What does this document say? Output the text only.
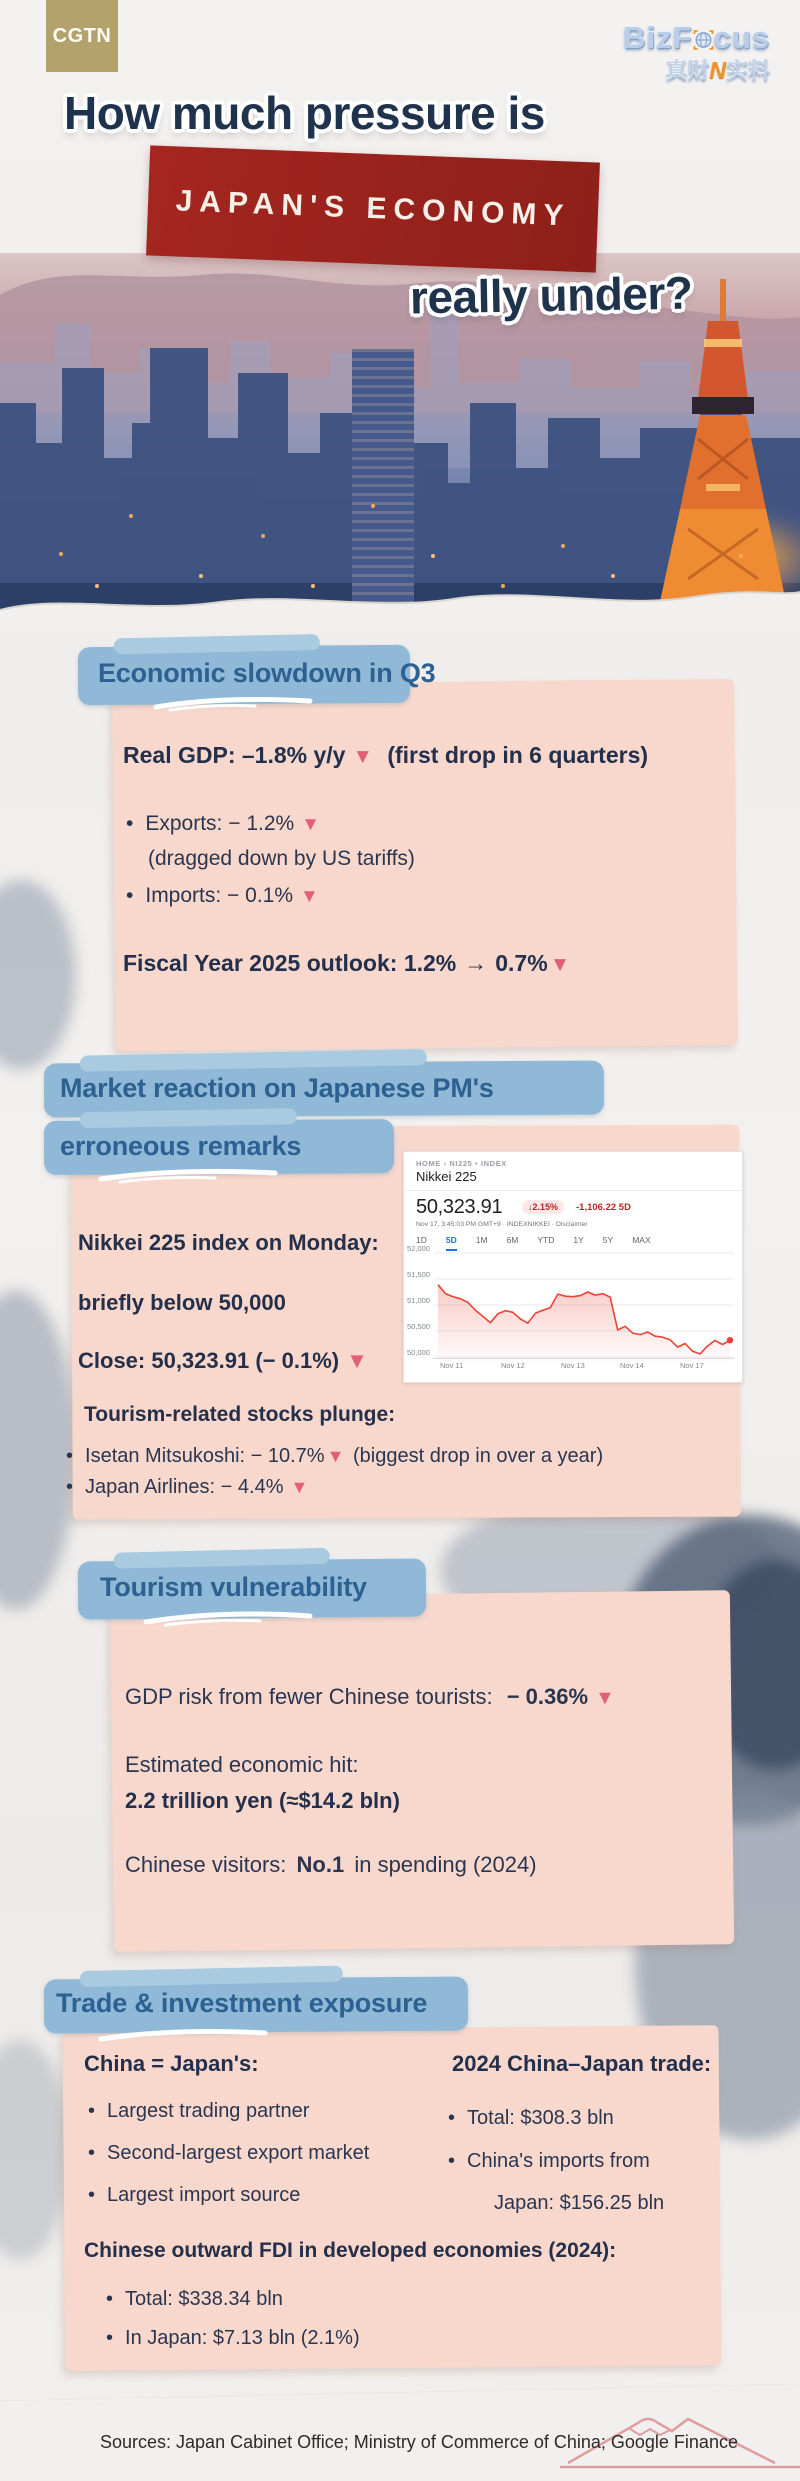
CGTN	BizF cus
真财N实料
How much pressure is
JAPAN'S ECONOMY
really under?
Economic slowdown in Q3
Real GDP: –1.8% y/y ▼ (first drop in 6 quarters)
• Exports: − 1.2% ▼
(dragged down by US tariffs)
• Imports: − 0.1% ▼
Fiscal Year 2025 outlook: 1.2% → 0.7%▼
Market reaction on Japanese PM's
erroneous remarks
HOME › NI225 • INDEX
Nikkei 225
50,323.91	↓2.15%	-1,106.22 5D
Nov 17, 3:45:03 PM GMT+9 · INDEXNIKKEI · Disclaimer
1D 5D 1M 6M YTD 1Y 5Y MAX
52,000
51,500
51,000
50,500
50,000
Nov 11	Nov 12	Nov 13	Nov 14	Nov 17
Nikkei 225 index on Monday:
briefly below 50,000
Close: 50,323.91 (− 0.1%) ▼
Tourism-related stocks plunge:
• Isetan Mitsukoshi: − 10.7% ▼ (biggest drop in over a year)
• Japan Airlines: − 4.4% ▼
Tourism vulnerability
GDP risk from fewer Chinese tourists: − 0.36% ▼
Estimated economic hit:
2.2 trillion yen (≈$14.2 bln)
Chinese visitors: No.1 in spending (2024)
Trade & investment exposure
China = Japan's:
• Largest trading partner
• Second-largest export market
• Largest import source
2024 China–Japan trade:
• Total: $308.3 bln
• China's imports from
Japan: $156.25 bln
Chinese outward FDI in developed economies (2024):
• Total: $338.34 bln
• In Japan: $7.13 bln (2.1%)
Sources: Japan Cabinet Office; Ministry of Commerce of China; Google Finance
